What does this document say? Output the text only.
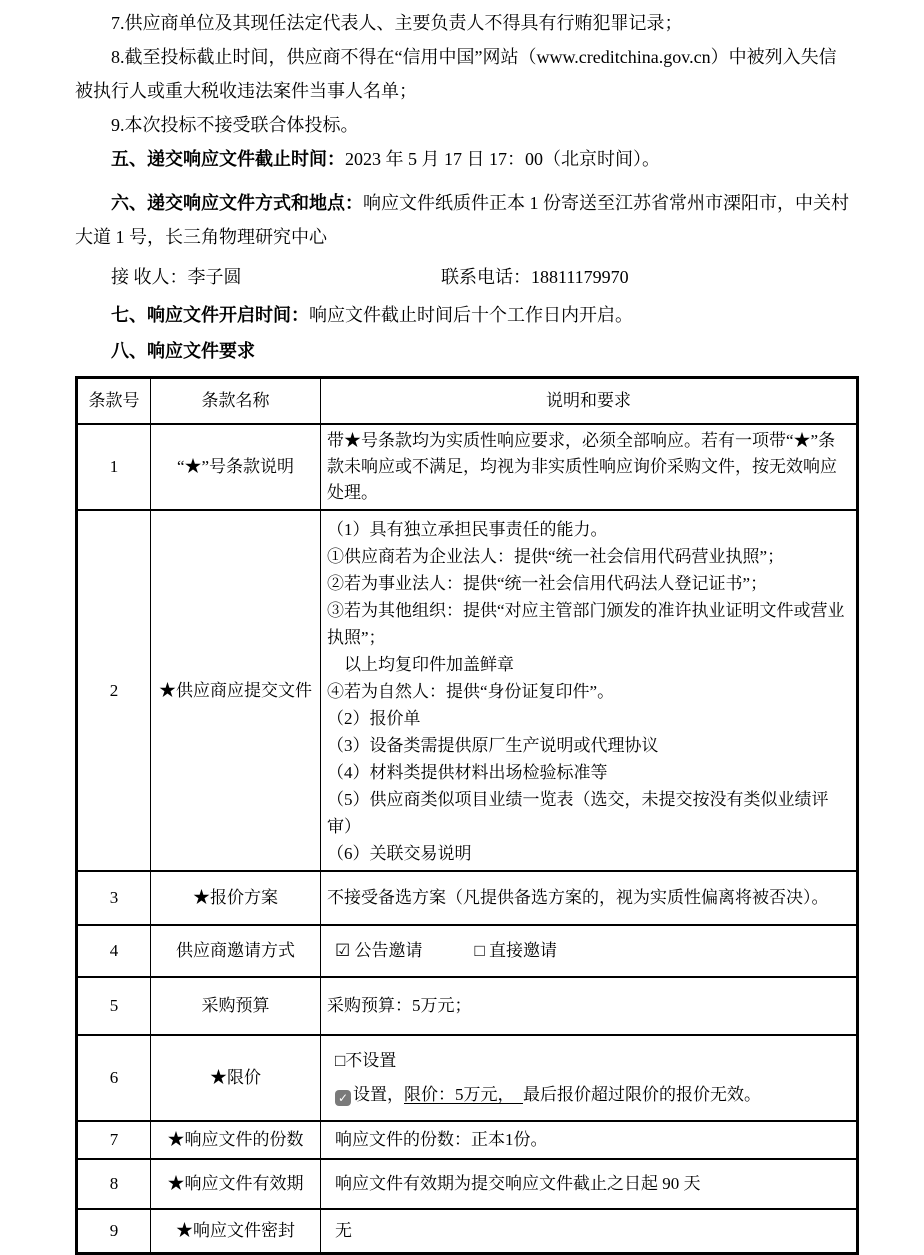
7.供应商单位及其现任法定代表人、主要负责人不得具有行贿犯罪记录；

8.截至投标截止时间，供应商不得在“信用中国”网站（www.creditchina.gov.cn）中被列入失信被执行人或重大税收违法案件当事人名单；

9.本次投标不接受联合体投标。

五、递交响应文件截止时间：2023 年 5 月 17 日 17：00（北京时间）。

六、递交响应文件方式和地点：响应文件纸质件正本 1 份寄送至江苏省常州市溧阳市，中关村大道 1 号，长三角物理研究中心

接 收人：李子圆	联系电话：18811179970

七、响应文件开启时间：响应文件截止时间后十个工作日内开启。

八、响应文件要求

条款号	条款名称	说明和要求
1	“★”号条款说明	带★号条款均为实质性响应要求，必须全部响应。若有一项带“★”条款未响应或不满足，均视为非实质性响应询价采购文件，按无效响应处理。

2	★供应商应提交文件	
（1）具有独立承担民事责任的能力。
①供应商若为企业法人：提供“统一社会信用代码营业执照”；
②若为事业法人：提供“统一社会信用代码法人登记证书”；
③若为其他组织：提供“对应主管部门颁发的准许执业证明文件或营业执照”；
　以上均复印件加盖鲜章
④若为自然人：提供“身份证复印件”。
（2）报价单
（3）设备类需提供原厂生产说明或代理协议
（4）材料类提供材料出场检验标准等
（5）供应商类似项目业绩一览表（选交，未提交按没有类似业绩评审）
（6）关联交易说明

3	★报价方案	不接受备选方案（凡提供备选方案的，视为实质性偏离将被否决）。

4	供应商邀请方式	☑ 公告邀请 □ 直接邀请

5	采购预算	采购预算：5万元；

6	★限价	□不设置
✓ 设置，限价：5万元，　最后报价超过限价的报价无效。

7	★响应文件的份数	响应文件的份数：正本1份。

8	★响应文件有效期	响应文件有效期为提交响应文件截止之日起 90 天

9	★响应文件密封	无
